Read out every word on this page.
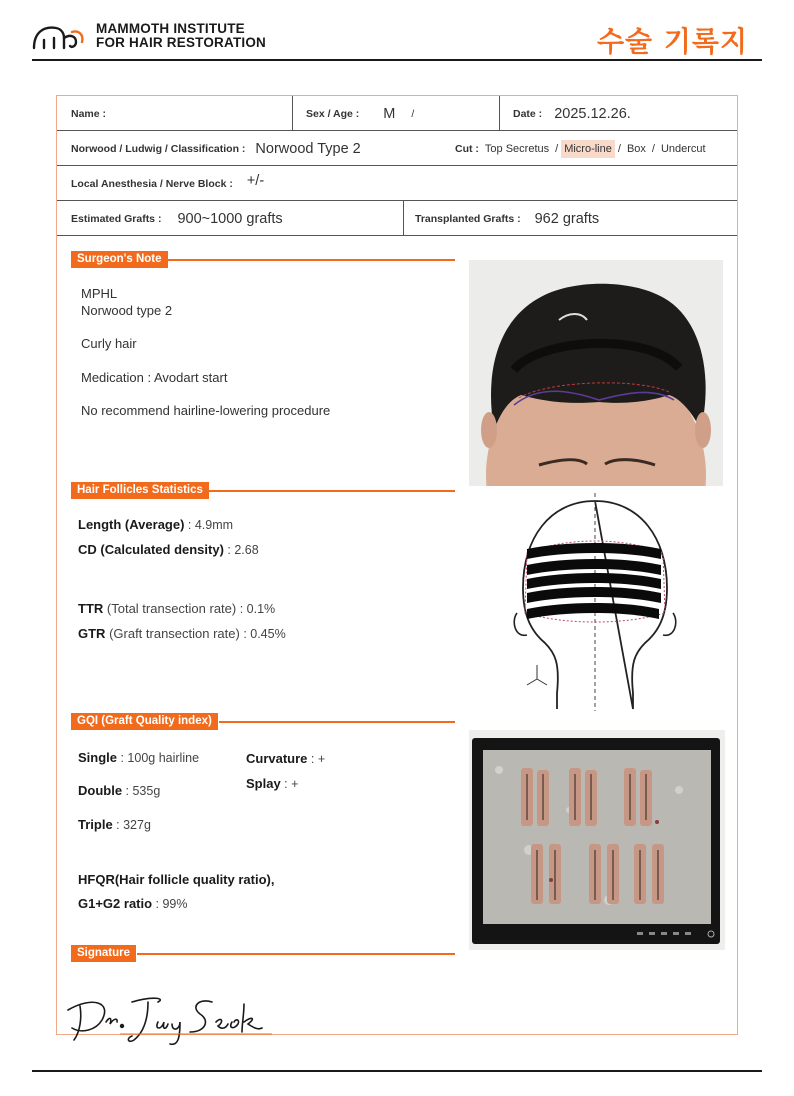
MAMMOTH INSTITUTE
FOR HAIR RESTORATION	수술 기록지
Name :	Sex / Age : M /	Date : 2025.12.26.
Norwood / Ludwig / Classification : Norwood Type 2	Cut : Top Secretus / Micro-line / Box / Undercut
Local Anesthesia / Nerve Block : +/-
Estimated Grafts : 900~1000 grafts	Transplanted Grafts : 962 grafts
Surgeon's Note
MPHL
Norwood type 2
Curly hair
Medication : Avodart start
No recommend hairline-lowering procedure
Hair Follicles Statistics
Length (Average) : 4.9mm
CD (Calculated density) : 2.68
TTR (Total transection rate) : 0.1%
GTR (Graft transection rate) : 0.45%
GQI (Graft Quality index)
Single : 100g hairline
Double : 535g
Triple : 327g
Curvature : +
Splay : +
HFQR(Hair follicle quality ratio),
G1+G2 ratio : 99%
Signature
